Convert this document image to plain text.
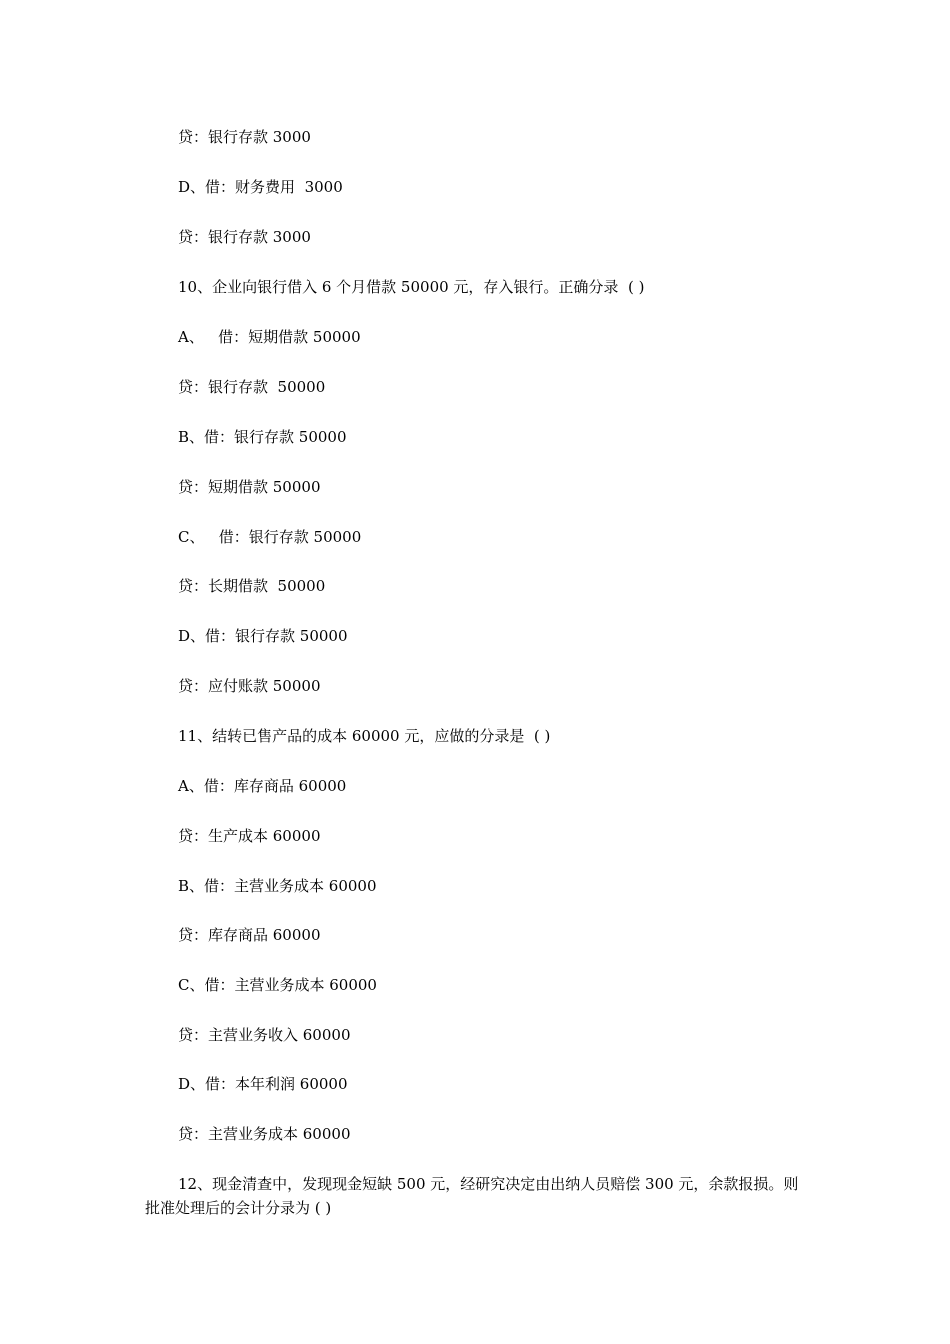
贷：银行存款 3000
D、借：财务费用  3000
贷：银行存款 3000
10、企业向银行借入 6 个月借款 50000 元，存入银行。正确分录  ( )
A、   借：短期借款 50000
贷：银行存款  50000
B、借：银行存款 50000
贷：短期借款 50000
C、   借：银行存款 50000
贷：长期借款  50000
D、借：银行存款 50000
贷：应付账款 50000
11、结转已售产品的成本 60000 元，应做的分录是  ( )
A、借：库存商品 60000
贷：生产成本 60000
B、借：主营业务成本 60000
贷：库存商品 60000
C、借：主营业务成本 60000
贷：主营业务收入 60000
D、借：本年利润 60000
贷：主营业务成本 60000
12、现金清查中，发现现金短缺 500 元，经研究决定由出纳人员赔偿 300 元，余款报损。则批准处理后的会计分录为 ( )
